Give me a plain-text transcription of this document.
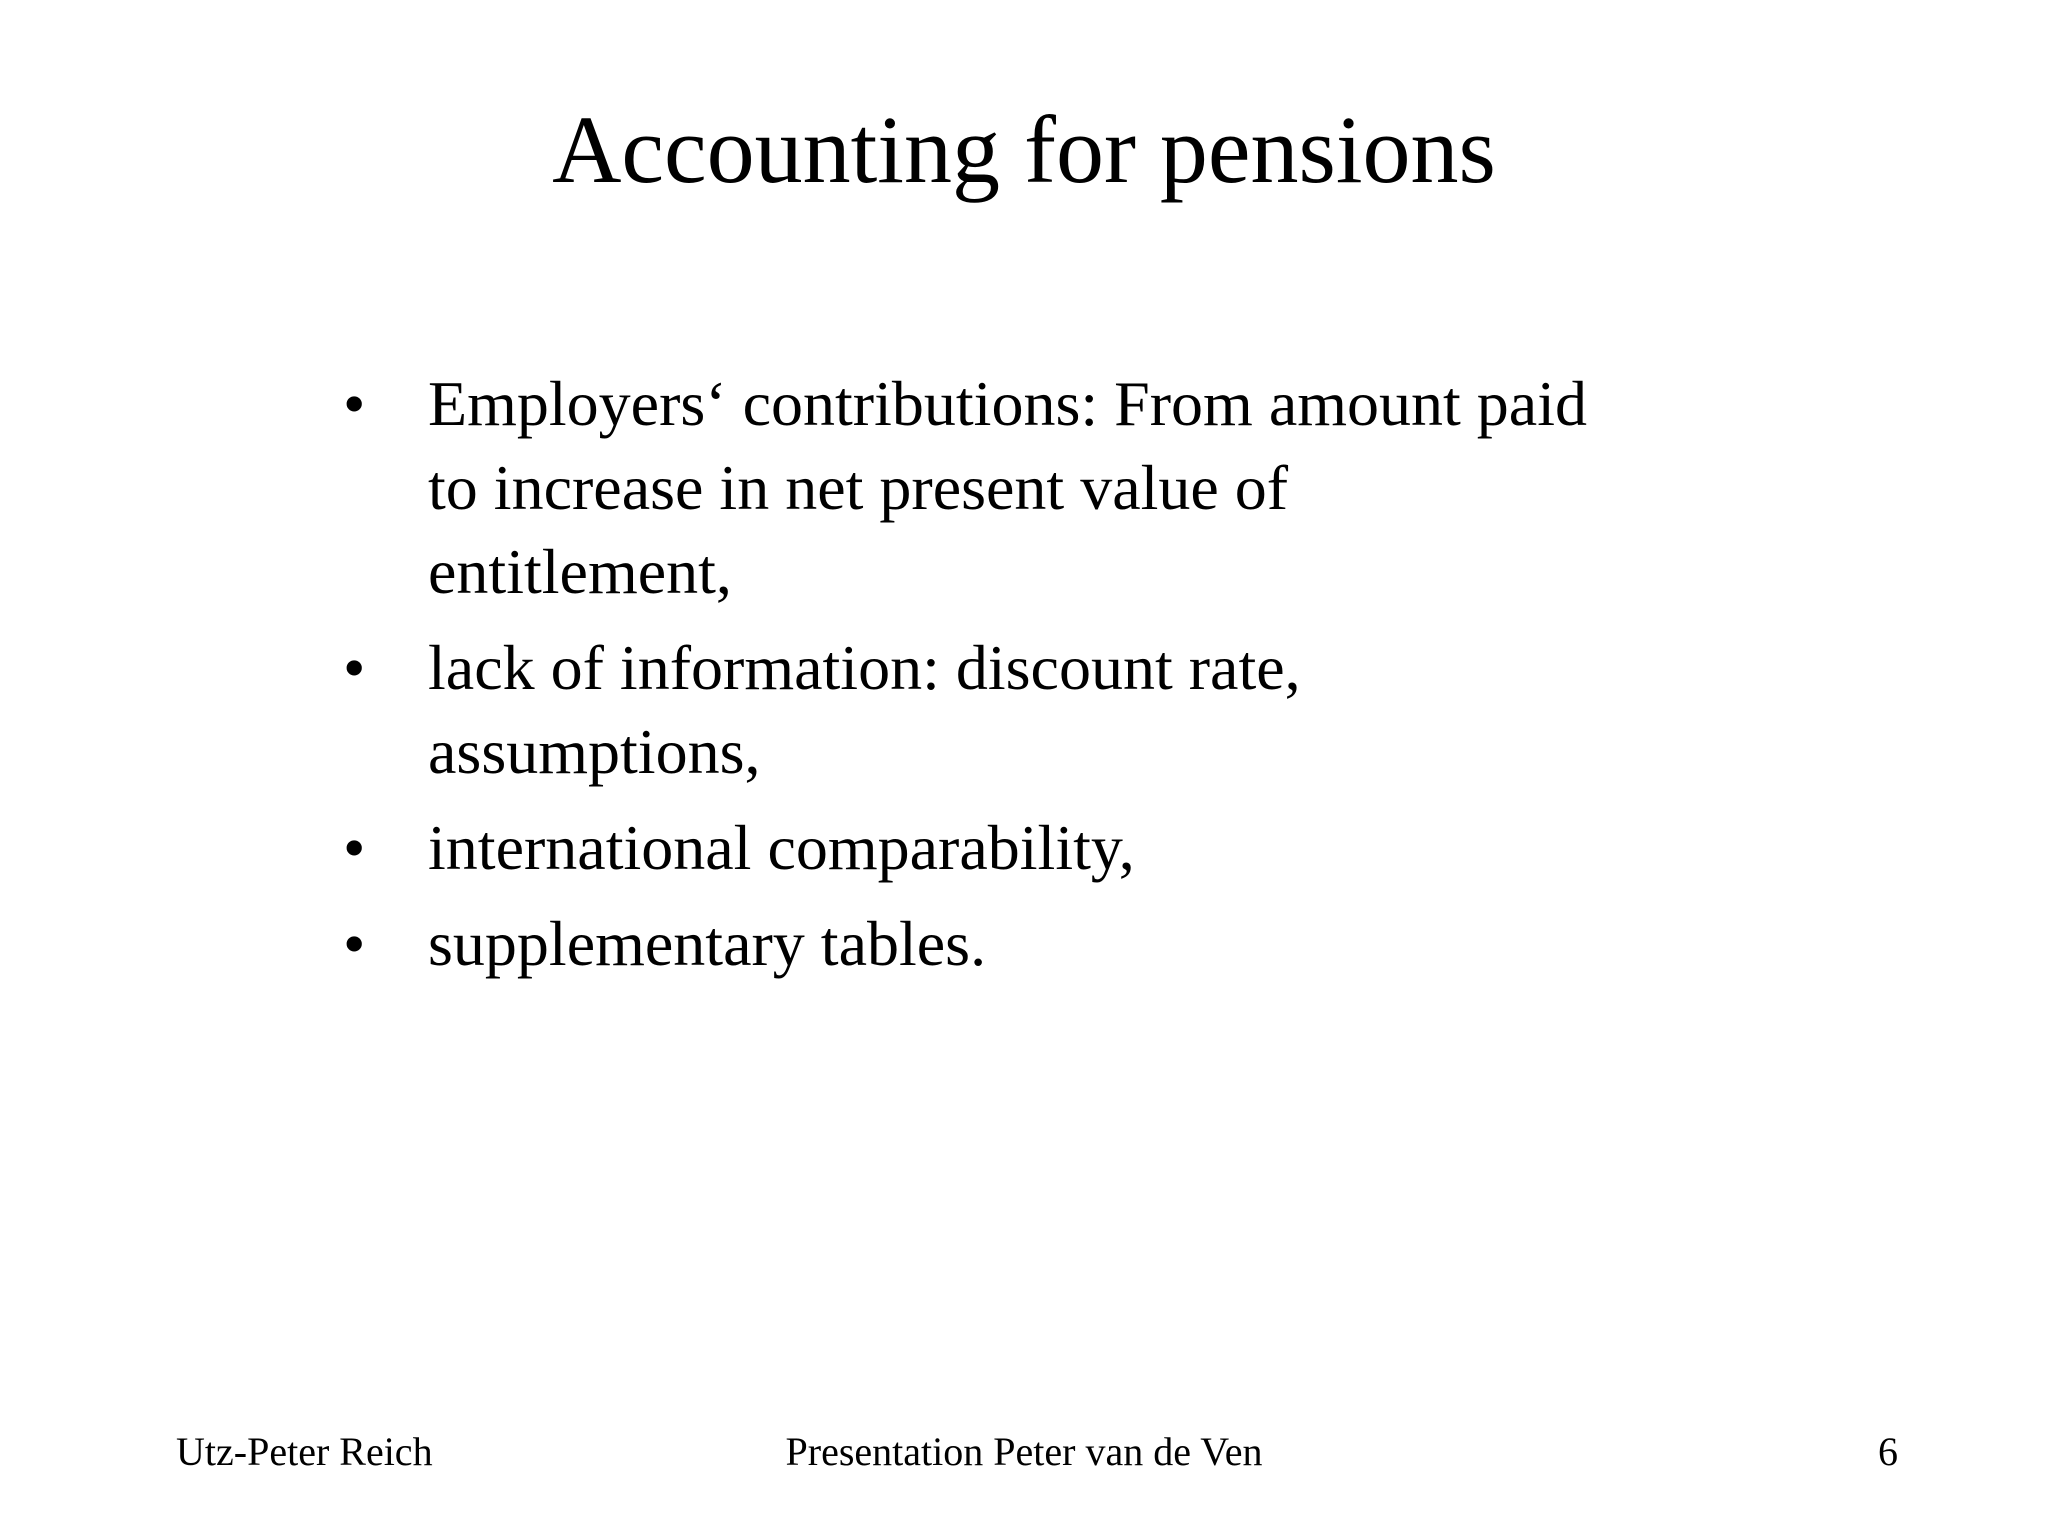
Accounting for pensions
• Employers‘ contributions: From amount paid
to increase in net present value of
entitlement,
• lack of information: discount rate,
assumptions,
• international comparability,
• supplementary tables.
Utz-Peter Reich	Presentation Peter van de Ven	6
